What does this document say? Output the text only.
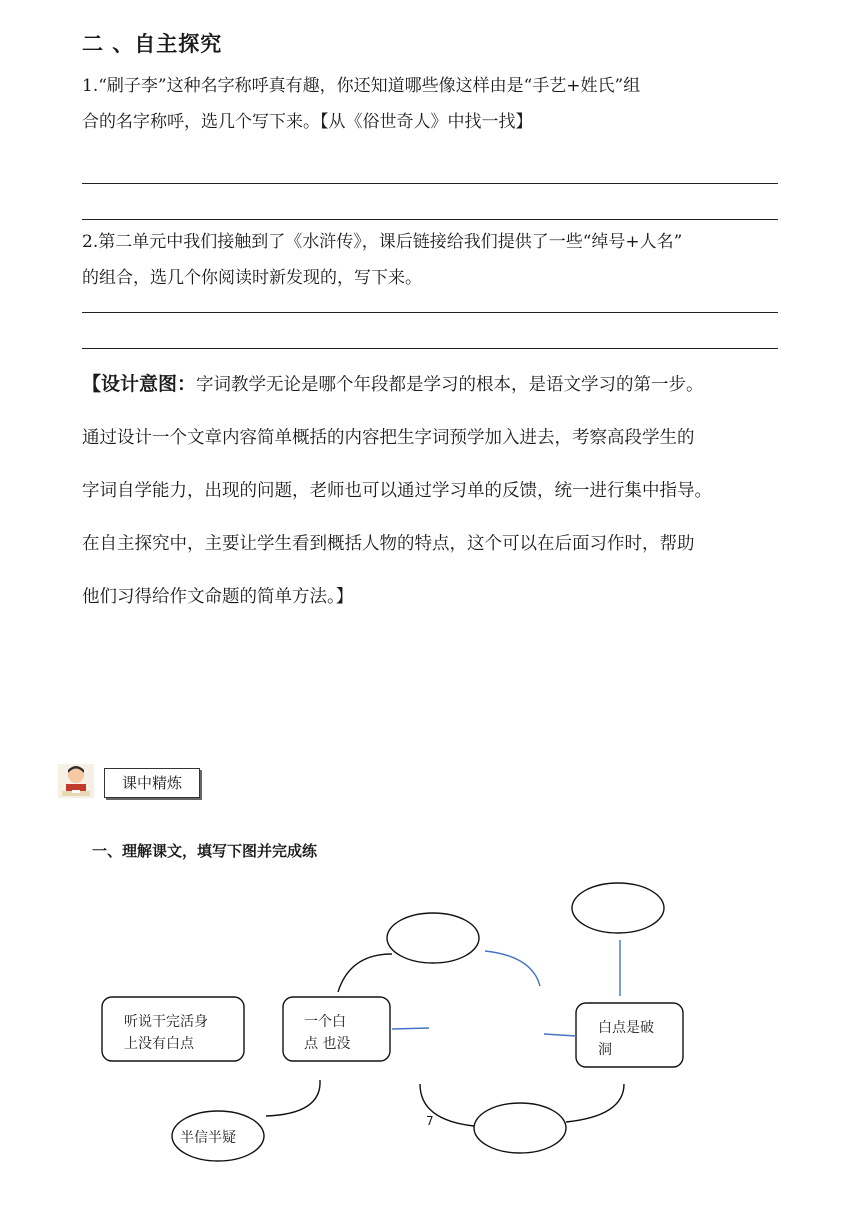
二 、自主探究
1.“刷子李”这种名字称呼真有趣，你还知道哪些像这样由是“手艺+姓氏”组
合的名字称呼，选几个写下来。【从《俗世奇人》中找一找】
2.第二单元中我们接触到了《水浒传》，课后链接给我们提供了一些“绰号+人名”
的组合，选几个你阅读时新发现的，写下来。

【设计意图：字词教学无论是哪个年段都是学习的根本，是语文学习的第一步。

通过设计一个文章内容简单概括的内容把生字词预学加入进去，考察高段学生的

字词自学能力，出现的问题，老师也可以通过学习单的反馈，统一进行集中指导。

在自主探究中，主要让学生看到概括人物的特点，这个可以在后面习作时，帮助

他们习得给作文命题的简单方法。】

课中精炼
一、理解课文，填写下图并完成练
听说干完活身
上没有白点
一个白
点 也没
白点是破
洞
半信半疑
7
